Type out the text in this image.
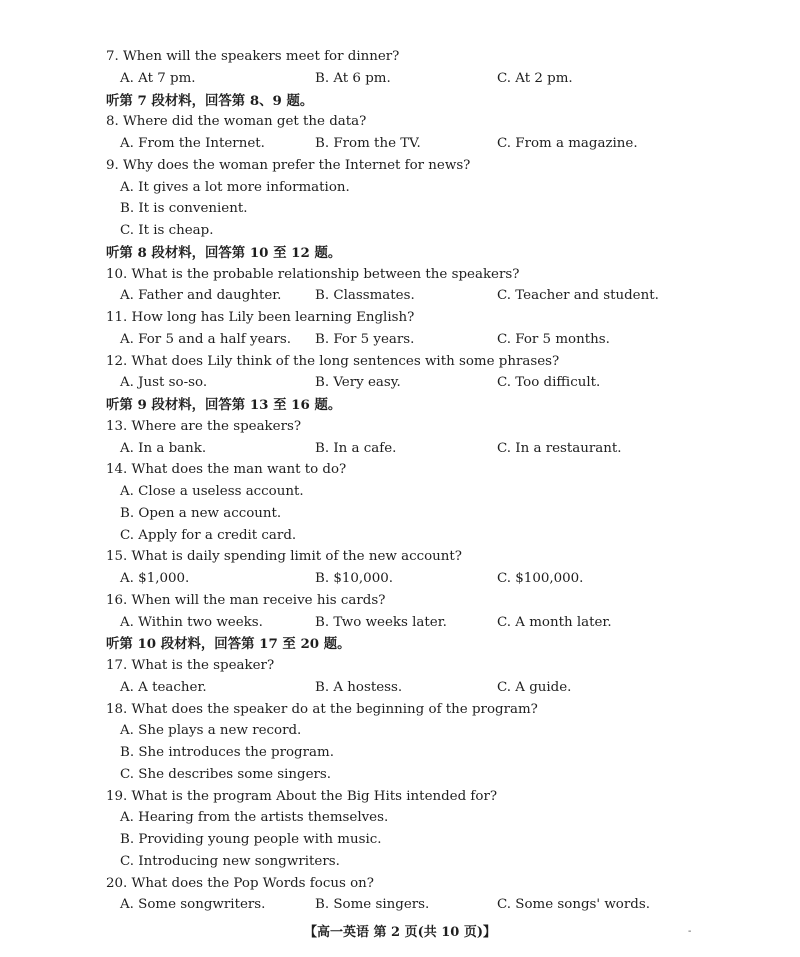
7. When will the speakers meet for dinner?
A. At 7 pm.	B. At 6 pm.	C. At 2 pm.
听第 7 段材料，回答第 8、9 题。
8. Where did the woman get the data?
A. From the Internet.	B. From the TV.	C. From a magazine.
9. Why does the woman prefer the Internet for news?
A. It gives a lot more information.
B. It is convenient.
C. It is cheap.
听第 8 段材料，回答第 10 至 12 题。
10. What is the probable relationship between the speakers?
A. Father and daughter.	B. Classmates.	C. Teacher and student.
11. How long has Lily been learning English?
A. For 5 and a half years. B. For 5 years.	C. For 5 months.
12. What does Lily think of the long sentences with some phrases?
A. Just so-so.	B. Very easy.	C. Too difficult.
听第 9 段材料，回答第 13 至 16 题。
13. Where are the speakers?
A. In a bank.	B. In a cafe.	C. In a restaurant.
14. What does the man want to do?
A. Close a useless account.
B. Open a new account.
C. Apply for a credit card.
15. What is daily spending limit of the new account?
A. $1,000.	B. $10,000.	C. $100,000.
16. When will the man receive his cards?
A. Within two weeks.	B. Two weeks later.	C. A month later.
听第 10 段材料，回答第 17 至 20 题。
17. What is the speaker?
A. A teacher.	B. A hostess.	C. A guide.
18. What does the speaker do at the beginning of the program?
A. She plays a new record.
B. She introduces the program.
C. She describes some singers.
19. What is the program About the Big Hits intended for?
A. Hearing from the artists themselves.
B. Providing young people with music.
C. Introducing new songwriters.
20. What does the Pop Words focus on?
A. Some songwriters.	B. Some singers.	C. Some songs' words.
【高一英语 第 2 页(共 10 页)】	-
